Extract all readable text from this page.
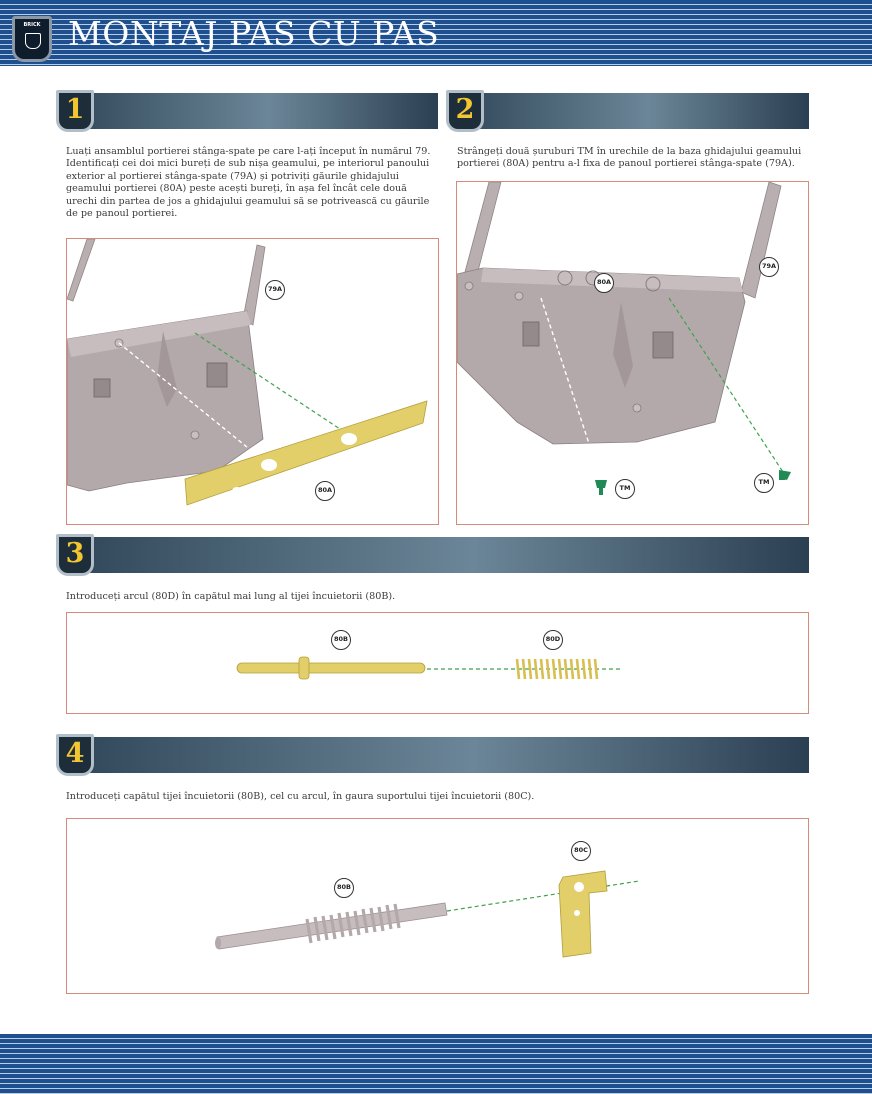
BRICK MONTAJ PAS CU PAS
1
Luați ansamblul portierei stânga-spate pe care l-ați început în numărul 79. Identificați cei doi mici bureți de sub nișa geamului, pe interiorul panoului exterior al portierei stânga-spate (79A) și potriviți găurile ghidajului geamului portierei (80A) peste acești bureți, în așa fel încât cele două urechi din partea de jos a ghidajului geamului să se potrivească cu găurile de pe panoul portierei.
79A
80A
2
Strângeți două șuruburi TM în urechile de la baza ghidajului geamului portierei (80A) pentru a-l fixa de panoul portierei stânga-spate (79A).
80A
79A
TM
TM
3
Introduceți arcul (80D) în capătul mai lung al tijei încuietorii (80B).
80B	80D
4
Introduceți capătul tijei încuietorii (80B), cel cu arcul, în gaura suportului tijei încuietorii (80C).
80C
80B
